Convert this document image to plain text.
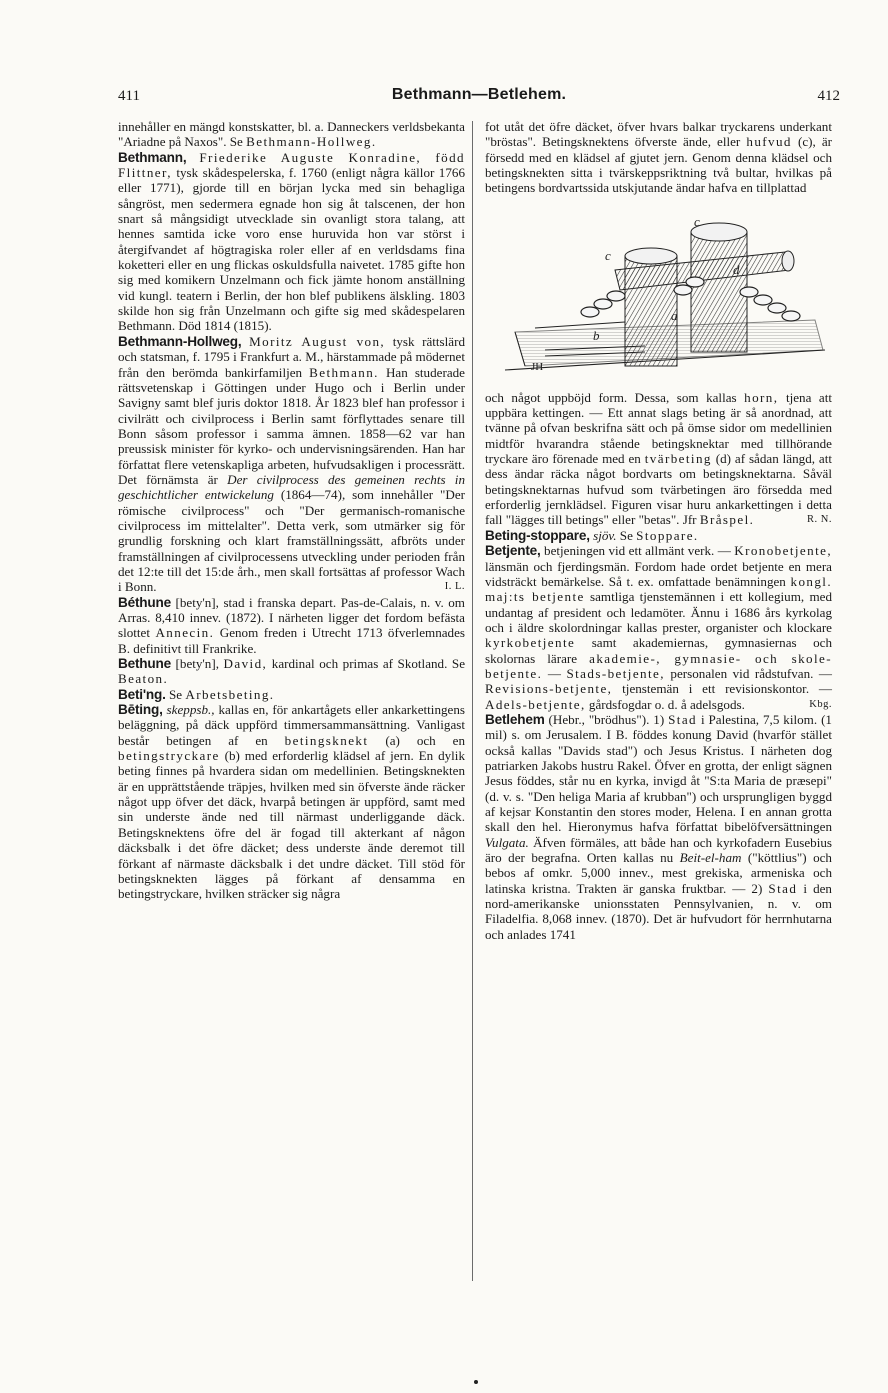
411	Bethmann—Betlehem.	412

innehåller en mängd konstskatter, bl. a. Danneckers verldsbekanta "Ariadne på Naxos". Se Bethmann-Hollweg.

Bethmann, Friederike Auguste Konradine, född Flittner, tysk skådespelerska, f. 1760 (enligt några källor 1766 eller 1771), gjorde till en början lycka med sin behagliga sångröst, men sedermera egnade hon sig åt talscenen, der hon snart så mångsidigt utvecklade sin ovanligt stora talang, att hennes samtida icke voro ense huruvida hon var störst i återgifvandet af högtragiska roler eller af en verldsdams fina koketteri eller en ung flickas oskuldsfulla naivetet. 1785 gifte hon sig med komikern Unzelmann och fick jämte honom anställning vid kungl. teatern i Berlin, der hon blef publikens älskling. 1803 skilde hon sig från Unzelmann och gifte sig med skådespelaren Bethmann. Död 1814 (1815).

Bethmann-Hollweg, Moritz August von, tysk rättslärd och statsman, f. 1795 i Frankfurt a. M., härstammade på mödernet från den berömda bankirfamiljen Bethmann. Han studerade rättsvetenskap i Göttingen under Hugo och i Berlin under Savigny samt blef juris doktor 1818. År 1823 blef han professor i civilrätt och civilprocess i Berlin samt förflyttades senare till Bonn såsom professor i samma ämnen. 1858—62 var han preussisk minister för kyrko- och undervisningsärenden. Han har författat flere vetenskapliga arbeten, hufvudsakligen i processrätt. Det förnämsta är Der civilprocess des gemeinen rechts in geschichtlicher entwickelung (1864—74), som innehåller "Der römische civilprocess" och "Der germanisch-romanische civilprocess im mittelalter". Detta verk, som utmärker sig för grundlig forskning och klart framställningssätt, afbröts under framställningen af civilprocessens utveckling under perioden från det 12:te till det 15:de årh., men skall fortsättas af professor Wach i Bonn.	I. L.

Béthune [bety'n], stad i franska depart. Pas-de-Calais, n. v. om Arras. 8,410 innev. (1872). I närheten ligger det fordom befästa slottet Annecin. Genom freden i Utrecht 1713 öfverlemnades B. definitivt till Frankrike.

Bethune [bety'n], David, kardinal och primas af Skotland. Se Beaton.

Beti'ng. Se Arbetsbeting.

Bēting, skeppsb., kallas en, för ankartågets eller ankarkettingens beläggning, på däck uppförd timmersammansättning. Vanligast består betingen af en betingsknekt (a) och en betingstryckare (b) med erforderlig klädsel af jern. En dylik beting finnes på hvardera sidan om medellinien. Betingsknekten är en upprättstående träpjes, hvilken med sin öfverste ände räcker något upp öfver det däck, hvarpå betingen är uppförd, samt med sin underste ände ned till närmast underliggande däck. Betingsknektens öfre del är fogad till akterkant af någon däcksbalk i det öfre däcket; dess underste ände deremot till förkant af närmaste däcksbalk i det undre däcket. Till stöd för betingsknekten lägges på förkant af densamma en betingstryckare, hvilken sträcker sig några

fot utåt det öfre däcket, öfver hvars balkar tryckarens underkant "bröstas". Betingsknektens öfverste ände, eller hufvud (c), är försedd med en klädsel af gjutet jern. Genom denna klädsel och betingsknekten sitta i tvärskeppsriktning två bultar, hvilkas på betingens bordvartssida utskjutande ändar hafva en tillplattad

c
c
d
a
b
JH

och något uppböjd form. Dessa, som kallas horn, tjena att uppbära kettingen. — Ett annat slags beting är så anordnad, att tvänne på ofvan beskrifna sätt och på ömse sidor om medellinien midtför hvarandra stående betingsknektar med tillhörande tryckare äro förenade med en tvärbeting (d) af sådan längd, att dess ändar räcka något bordvarts om betingsknektarna. Såväl betingsknektarnas hufvud som tvärbetingen äro försedda med erforderlig jernklädsel. Figuren visar huru ankarkettingen i detta fall "lägges till betings" eller "betas". Jfr Bråspel.	R. N.

Beting-stoppare, sjöv. Se Stoppare.

Betjente, betjeningen vid ett allmänt verk. — Kronobetjente, länsmän och fjerdingsmän. Fordom hade ordet betjente en mera vidsträckt bemärkelse. Så t. ex. omfattade benämningen kongl. maj:ts betjente samtliga tjenstemännen i ett kollegium, med undantag af president och ledamöter. Ännu i 1686 års kyrkolag och i äldre skolordningar kallas prester, organister och klockare kyrkobetjente samt akademiernas, gymnasiernas och skolornas lärare akademie-, gymnasie- och skole-betjente. — Stads-betjente, personalen vid rådstufvan. — Revisions-betjente, tjenstemän i ett revisionskontor. — Adels-betjente, gårdsfogdar o. d. å adelsgods.	Kbg.

Betlehem (Hebr., "brödhus"). 1) Stad i Palestina, 7,5 kilom. (1 mil) s. om Jerusalem. I B. föddes konung David (hvarför stället också kallas "Davids stad") och Jesus Kristus. I närheten dog patriarken Jakobs hustru Rakel. Öfver en grotta, der enligt sägnen Jesus föddes, står nu en kyrka, invigd åt "S:ta Maria de præsepi" (d. v. s. "Den heliga Maria af krubban") och ursprungligen byggd af kejsar Konstantin den stores moder, Helena. I en annan grotta skall den hel. Hieronymus hafva författat bibelöfversättningen Vulgata. Äfven förmäles, att både han och kyrkofadern Eusebius äro der begrafna. Orten kallas nu Beit-el-ham ("köttlius") och bebos af omkr. 5,000 innev., mest grekiska, armeniska och latinska kristna. Trakten är ganska fruktbar. — 2) Stad i den nord-amerikanske unionsstaten Pennsylvanien, n. v. om Filadelfia. 8,068 innev. (1870). Det är hufvudort för herrnhutarna och anlades 1741
